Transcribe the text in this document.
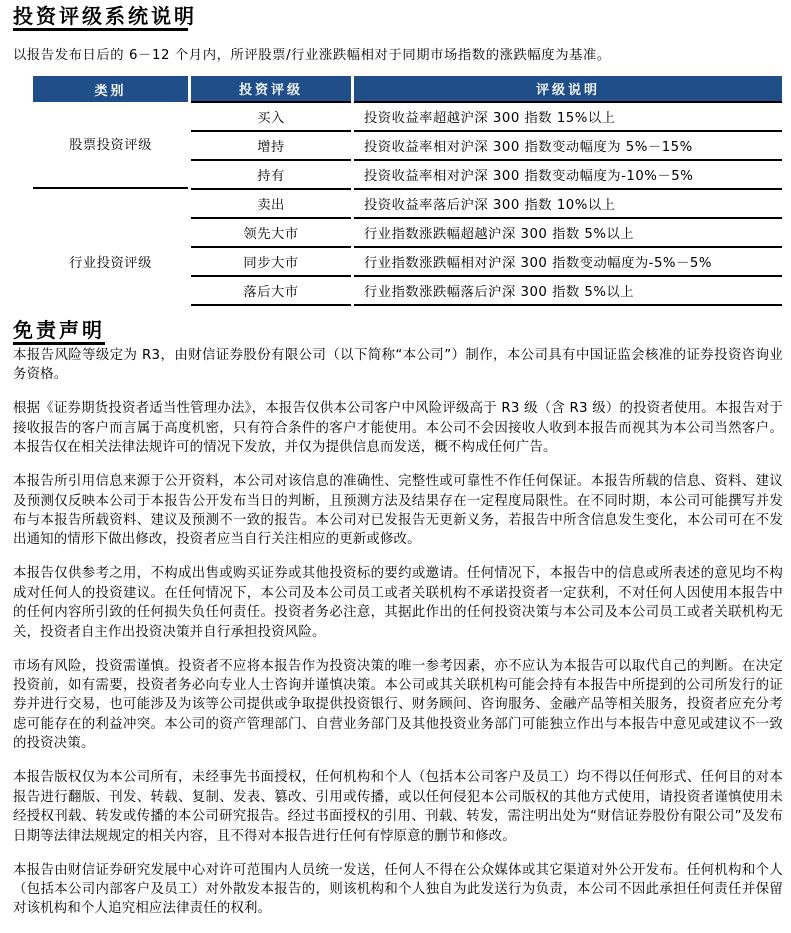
投资评级系统说明
以报告发布日后的 6－12 个月内，所评股票/行业涨跌幅相对于同期市场指数的涨跌幅度为基准。
类别	投资评级	评级说明

股票投资评级	买入	投资收益率超越沪深 300 指数 15%以上
	增持	投资收益率相对沪深 300 指数变动幅度为 5%－15%
	持有	投资收益率相对沪深 300 指数变动幅度为-10%－5%
	卖出	投资收益率落后沪深 300 指数 10%以上
行业投资评级	领先大市	行业指数涨跌幅超越沪深 300 指数 5%以上
	同步大市	行业指数涨跌幅相对沪深 300 指数变动幅度为-5%－5%
	落后大市	行业指数涨跌幅落后沪深 300 指数 5%以上
免责声明

本报告风险等级定为 R3，由财信证券股份有限公司（以下简称“本公司”）制作，本公司具有中国证监会核准的证券投资咨询业务资格。

根据《证券期货投资者适当性管理办法》，本报告仅供本公司客户中风险评级高于 R3 级（含 R3 级）的投资者使用。本报告对于接收报告的客户而言属于高度机密，只有符合条件的客户才能使用。本公司不会因接收人收到本报告而视其为本公司当然客户。本报告仅在相关法律法规许可的情况下发放，并仅为提供信息而发送，概不构成任何广告。

本报告所引用信息来源于公开资料，本公司对该信息的准确性、完整性或可靠性不作任何保证。本报告所载的信息、资料、建议及预测仅反映本公司于本报告公开发布当日的判断，且预测方法及结果存在一定程度局限性。在不同时期，本公司可能撰写并发布与本报告所载资料、建议及预测不一致的报告。本公司对已发报告无更新义务，若报告中所含信息发生变化，本公司可在不发出通知的情形下做出修改，投资者应当自行关注相应的更新或修改。

本报告仅供参考之用，不构成出售或购买证券或其他投资标的要约或邀请。任何情况下，本报告中的信息或所表述的意见均不构成对任何人的投资建议。在任何情况下，本公司及本公司员工或者关联机构不承诺投资者一定获利，不对任何人因使用本报告中的任何内容所引致的任何损失负任何责任。投资者务必注意，其据此作出的任何投资决策与本公司及本公司员工或者关联机构无关，投资者自主作出投资决策并自行承担投资风险。

市场有风险，投资需谨慎。投资者不应将本报告作为投资决策的唯一参考因素，亦不应认为本报告可以取代自己的判断。在决定投资前，如有需要，投资者务必向专业人士咨询并谨慎决策。本公司或其关联机构可能会持有本报告中所提到的公司所发行的证券并进行交易，也可能涉及为该等公司提供或争取提供投资银行、财务顾问、咨询服务、金融产品等相关服务，投资者应充分考虑可能存在的利益冲突。本公司的资产管理部门、自营业务部门及其他投资业务部门可能独立作出与本报告中意见或建议不一致的投资决策。

本报告版权仅为本公司所有，未经事先书面授权，任何机构和个人（包括本公司客户及员工）均不得以任何形式、任何目的对本报告进行翻版、刊发、转载、复制、发表、篡改、引用或传播，或以任何侵犯本公司版权的其他方式使用，请投资者谨慎使用未经授权刊载、转发或传播的本公司研究报告。经过书面授权的引用、刊载、转发，需注明出处为“财信证券股份有限公司”及发布日期等法律法规规定的相关内容，且不得对本报告进行任何有悖原意的删节和修改。

本报告由财信证券研究发展中心对许可范围内人员统一发送，任何人不得在公众媒体或其它渠道对外公开发布。任何机构和个人（包括本公司内部客户及员工）对外散发本报告的，则该机构和个人独自为此发送行为负责，本公司不因此承担任何责任并保留对该机构和个人追究相应法律责任的权利。
